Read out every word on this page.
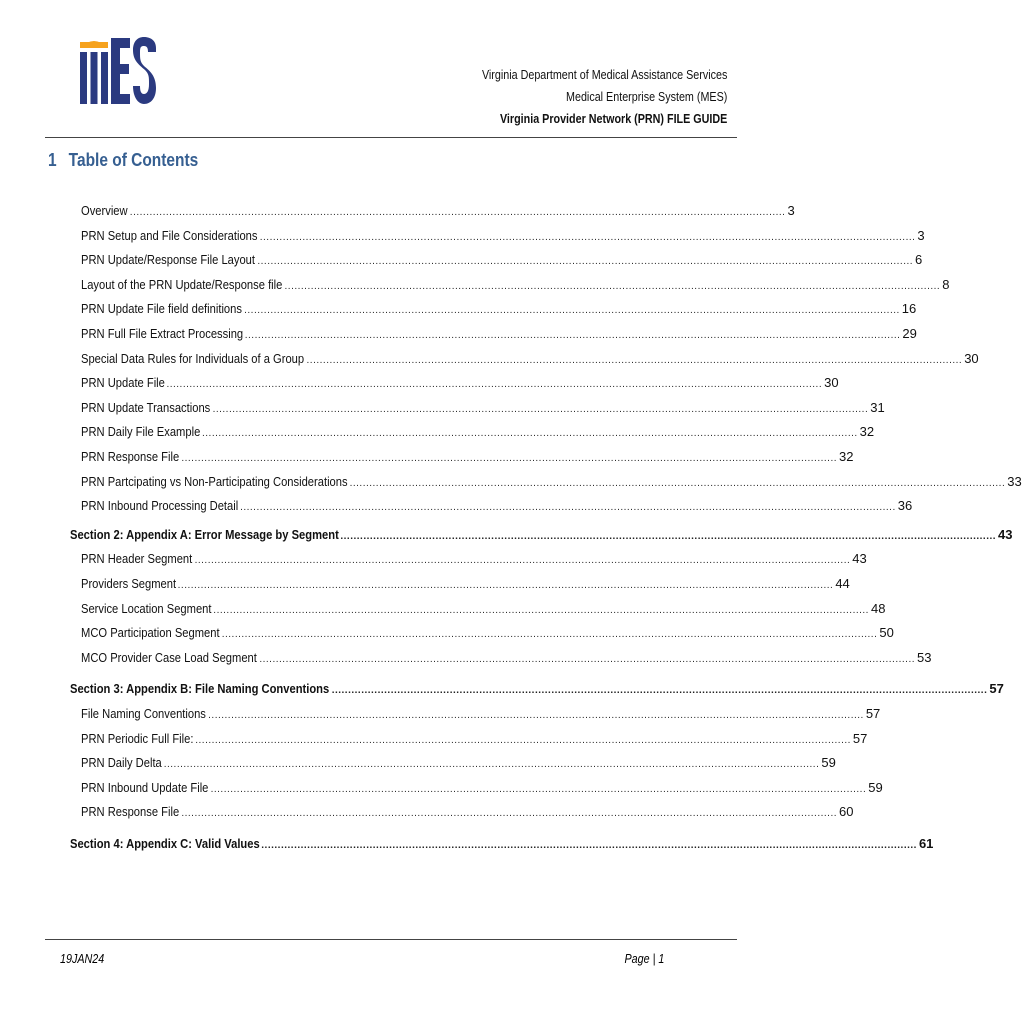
Virginia Department of Medical Assistance Services
Medical Enterprise System (MES)
Virginia Provider Network (PRN) FILE GUIDE
1 Table of Contents
Overview ........................................................................................................................................................................................................ 3
PRN Setup and File Considerations ........................................................................................................................................................................................................ 3
PRN Update/Response File Layout ........................................................................................................................................................................................................ 6
Layout of the PRN Update/Response file ........................................................................................................................................................................................................ 8
PRN Update File field definitions ........................................................................................................................................................................................................ 16
PRN Full File Extract Processing ........................................................................................................................................................................................................ 29
Special Data Rules for Individuals of a Group ........................................................................................................................................................................................................ 30
PRN Update File ........................................................................................................................................................................................................ 30
PRN Update Transactions ........................................................................................................................................................................................................ 31
PRN Daily File Example ........................................................................................................................................................................................................ 32
PRN Response File ........................................................................................................................................................................................................ 32
PRN Partcipating vs Non-Participating Considerations ........................................................................................................................................................................................................ 33
PRN Inbound Processing Detail ........................................................................................................................................................................................................ 36
Section 2: Appendix A: Error Message by Segment ........................................................................................................................................................................................................ 43
PRN Header Segment ........................................................................................................................................................................................................ 43
Providers Segment ........................................................................................................................................................................................................ 44
Service Location Segment ........................................................................................................................................................................................................ 48
MCO Participation Segment ........................................................................................................................................................................................................ 50
MCO Provider Case Load Segment ........................................................................................................................................................................................................ 53
Section 3: Appendix B: File Naming Conventions ........................................................................................................................................................................................................ 57
File Naming Conventions ........................................................................................................................................................................................................ 57
PRN Periodic Full File: ........................................................................................................................................................................................................ 57
PRN Daily Delta ........................................................................................................................................................................................................ 59
PRN Inbound Update File ........................................................................................................................................................................................................ 59
PRN Response File ........................................................................................................................................................................................................ 60
Section 4: Appendix C: Valid Values ........................................................................................................................................................................................................ 61
19JAN24	Page | 1
